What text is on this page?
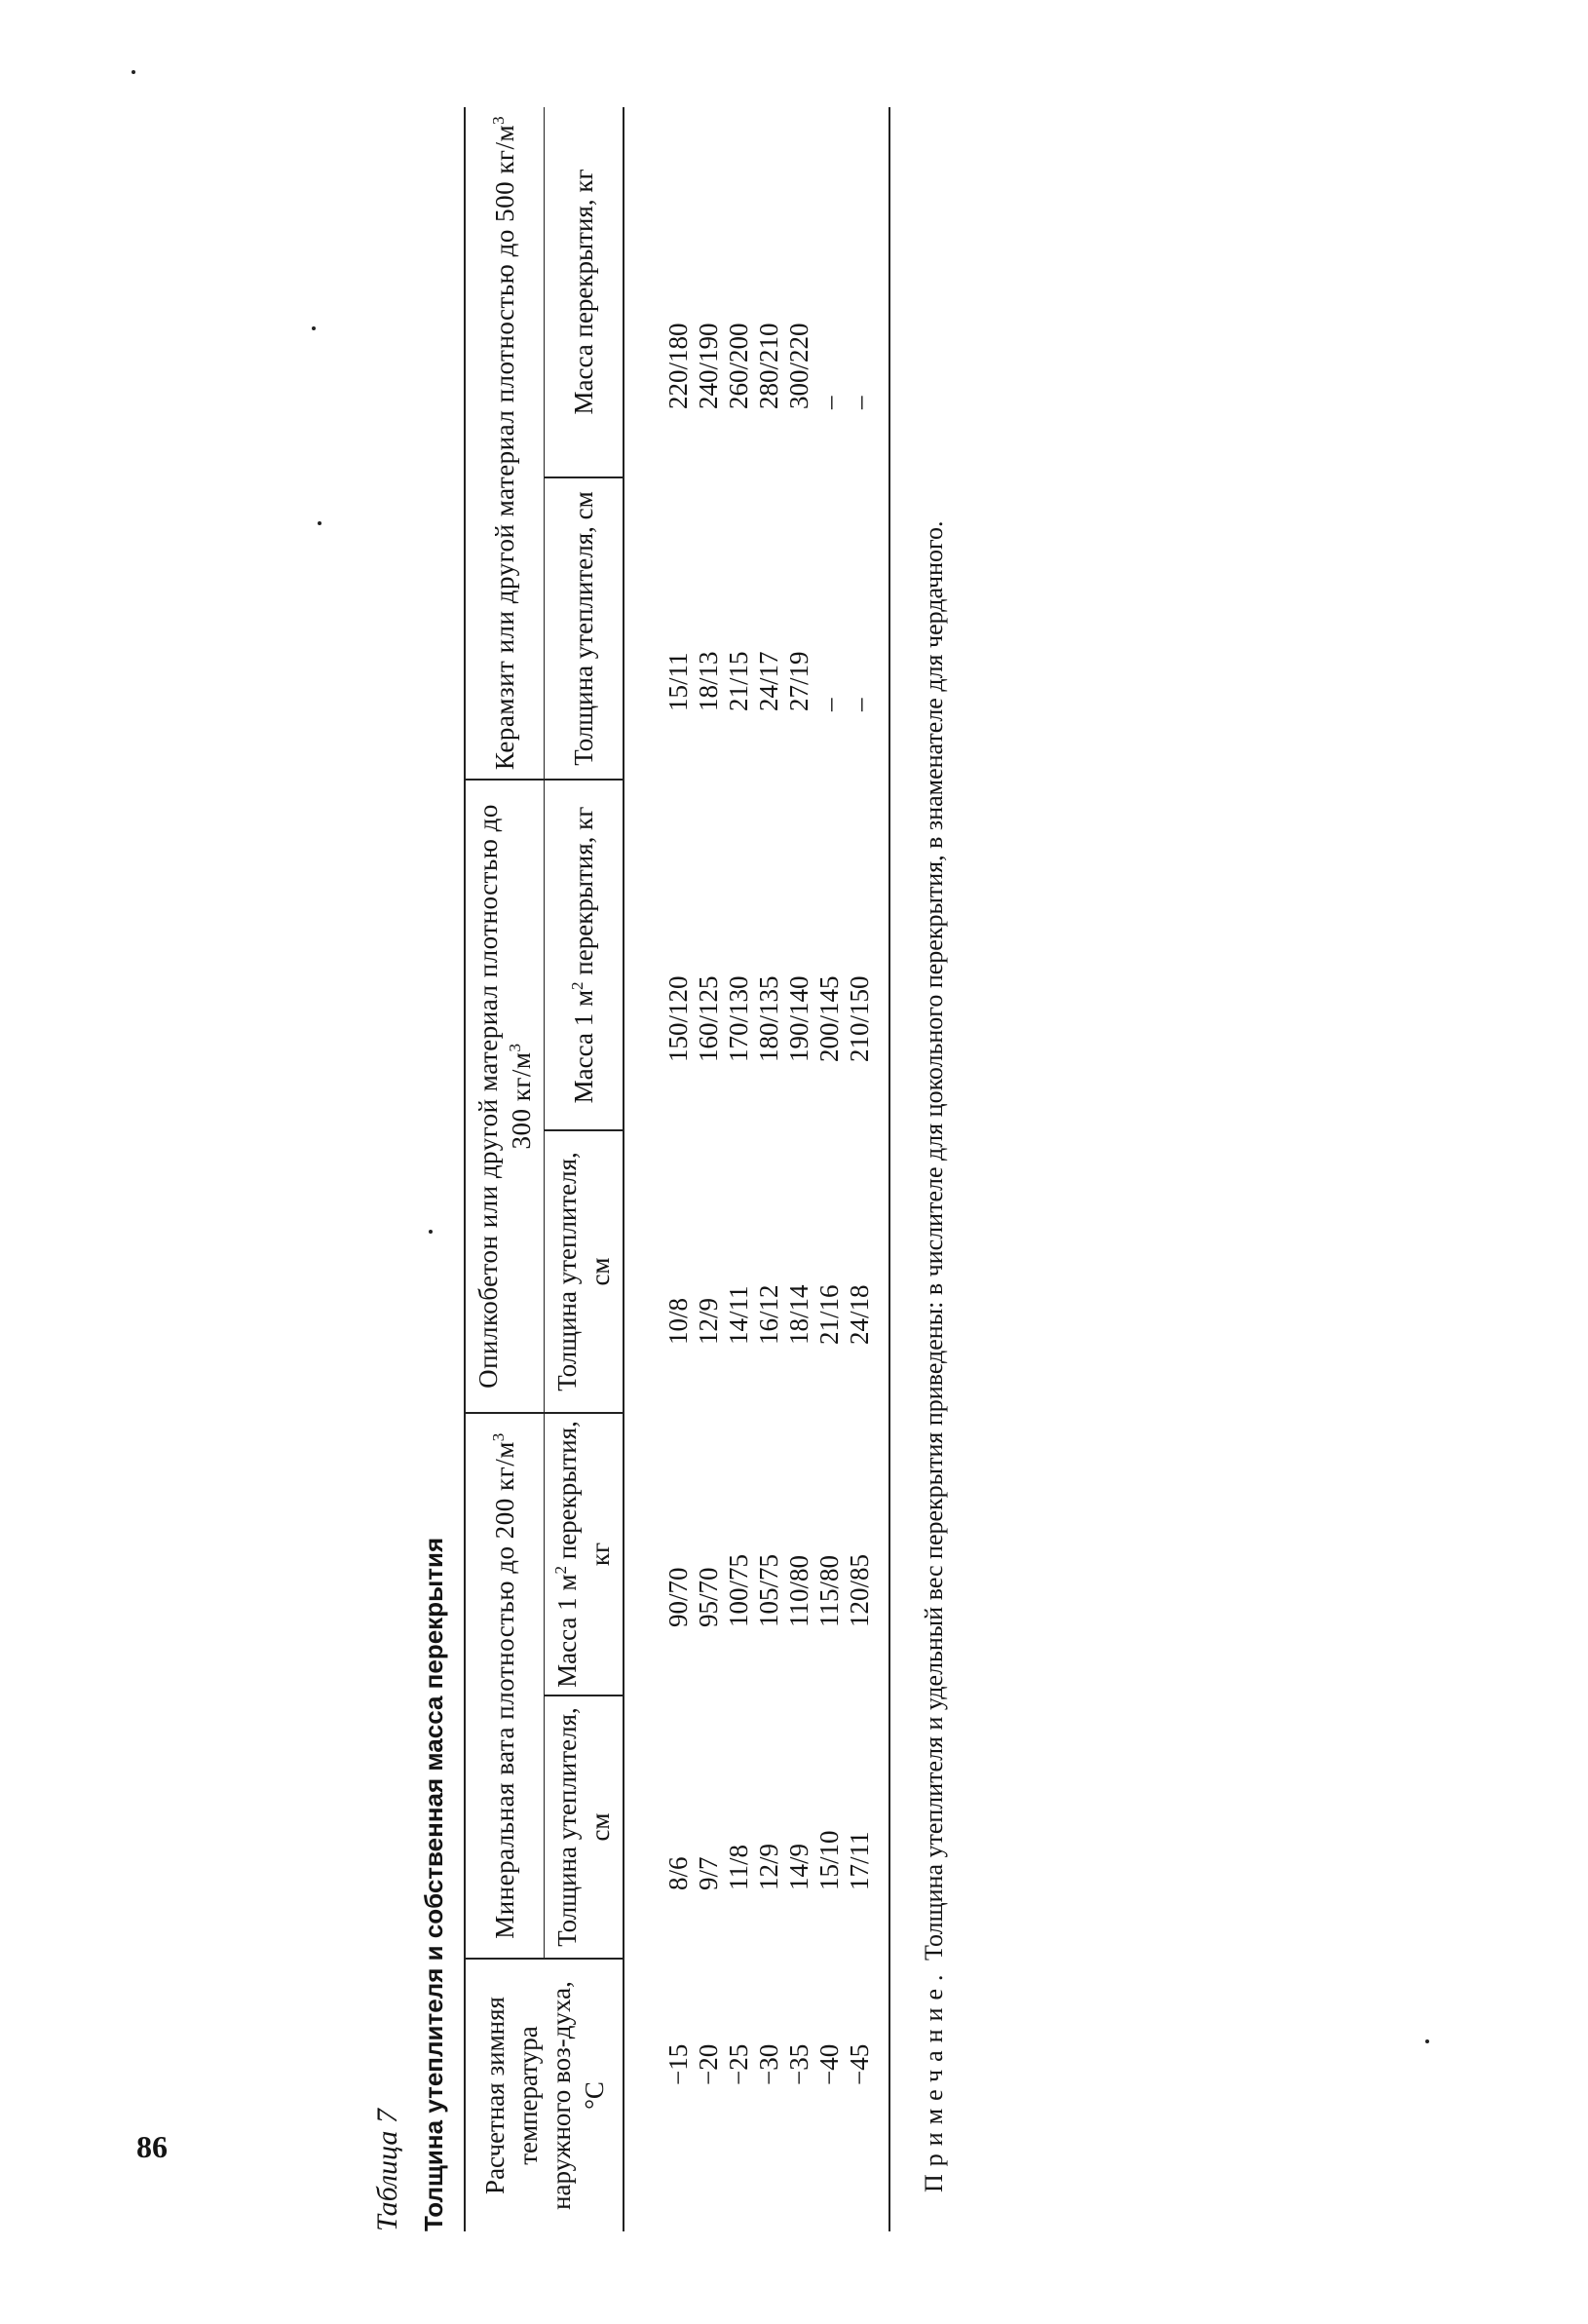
86	Таблица 7 Толщина утеплителя и собственная масса перекрытия Расчетная зимняя температура наружного воз-духа, °С	Минеральная вата плотностью до 200 $кг/м^3$		Опилкобетон или другой материал плотностью до 300 $кг/м^3$		Керамзит или другой материал плотностью до 500 $кг/м^3$
	Толщина утеплителя, см	Масса 1 $м^2$ перекрытия, кг	Толщина утеплителя, см	Масса 1 $м^2$ перекрытия, кг	Толщина утеплителя, см	Масса перекрытия, кг
−15	8/6	90/70	10/8	150/120	15/11	220/180
−20	9/7	95/70	12/9	160/125	18/13	240/190
−25	11/8	100/75	14/11	170/130	21/15	260/200
−30	12/9	105/75	16/12	180/135	24/17	280/210
−35	14/9	110/80	18/14	190/140	27/19	300/220
−40	15/10	115/80	21/16	200/145	–	–
−45	17/11	120/85	24/18	210/150	–	–
Примечание. Толщина утеплителя и удельный вес перекрытия приведены: в числителе для цокольного перекрытия, в знаменателе для чердачного.
